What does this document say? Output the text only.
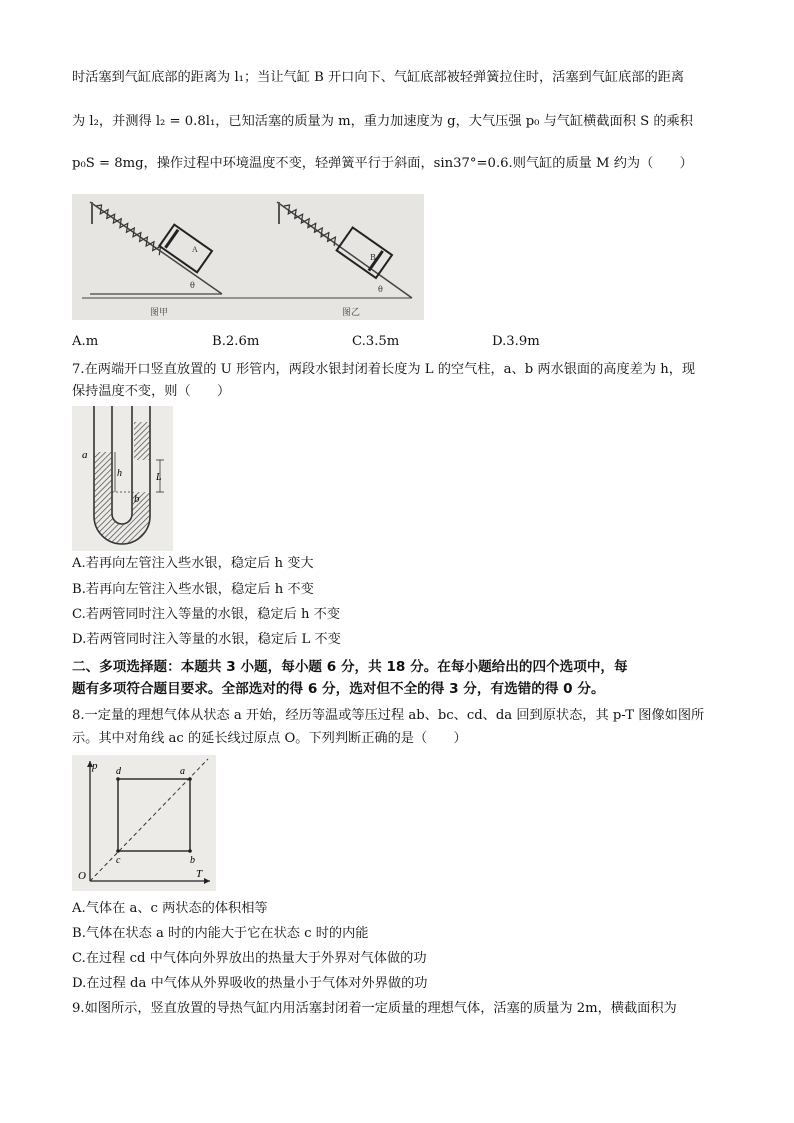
时活塞到气缸底部的距离为 l₁；当让气缸 B 开口向下、气缸底部被轻弹簧拉住时，活塞到气缸底部的距离
为 l₂，并测得 l₂ = 0.8l₁，已知活塞的质量为 m，重力加速度为 g，大气压强 p₀ 与气缸横截面积 S 的乘积
p₀S = 8mg，操作过程中环境温度不变，轻弹簧平行于斜面，sin37°=0.6.则气缸的质量 M 约为（　　）
A
θ
图甲
B
θ
图乙
A.m	B.2.6m	C.3.5m	D.3.9m
7.在两端开口竖直放置的 U 形管内，两段水银封闭着长度为 L 的空气柱，a、b 两水银面的高度差为 h，现
保持温度不变，则（　　）
h
a
b
L
A.若再向左管注入些水银，稳定后 h 变大
B.若再向左管注入些水银，稳定后 h 不变
C.若两管同时注入等量的水银，稳定后 h 不变
D.若两管同时注入等量的水银，稳定后 L 不变
二、多项选择题：本题共 3 小题，每小题 6 分，共 18 分。在每小题给出的四个选项中，每
题有多项符合题目要求。全部选对的得 6 分，选对但不全的得 3 分，有选错的得 0 分。
8.一定量的理想气体从状态 a 开始，经历等温或等压过程 ab、bc、cd、da 回到原状态，其 p-T 图像如图所
示。其中对角线 ac 的延长线过原点 O。下列判断正确的是（　　）
p
T
O
d	a
c	b
A.气体在 a、c 两状态的体积相等
B.气体在状态 a 时的内能大于它在状态 c 时的内能
C.在过程 cd 中气体向外界放出的热量大于外界对气体做的功
D.在过程 da 中气体从外界吸收的热量小于气体对外界做的功
9.如图所示，竖直放置的导热气缸内用活塞封闭着一定质量的理想气体，活塞的质量为 2m，横截面积为
